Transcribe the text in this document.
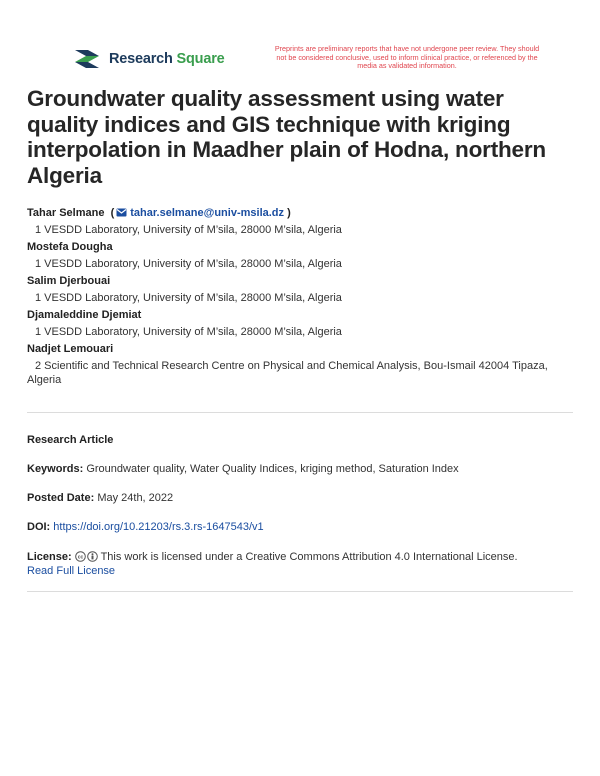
Research Square
Preprints are preliminary reports that have not undergone peer review. They should not be considered conclusive, used to inform clinical practice, or referenced by the media as validated information.
Groundwater quality assessment using water quality indices and GIS technique with kriging interpolation in Maadher plain of Hodna, northern Algeria

Tahar Selmane  ( tahar.selmane@univ-msila.dz )

1 VESDD Laboratory, University of M’sila, 28000 M’sila, Algeria

Mostefa Dougha

1 VESDD Laboratory, University of M’sila, 28000 M’sila, Algeria

Salim Djerbouai

1 VESDD Laboratory, University of M’sila, 28000 M’sila, Algeria

Djamaleddine Djemiat

1 VESDD Laboratory, University of M’sila, 28000 M’sila, Algeria

Nadjet Lemouari

2 Scientific and Technical Research Centre on Physical and Chemical Analysis, Bou-Ismail 42004 Tipaza, Algeria

Research Article

Keywords: Groundwater quality, Water Quality Indices, kriging method, Saturation Index

Posted Date: May 24th, 2022

DOI: https://doi.org/10.21203/rs.3.rs-1647543/v1

License: cc This work is licensed under a Creative Commons Attribution 4.0 International License.
Read Full License
